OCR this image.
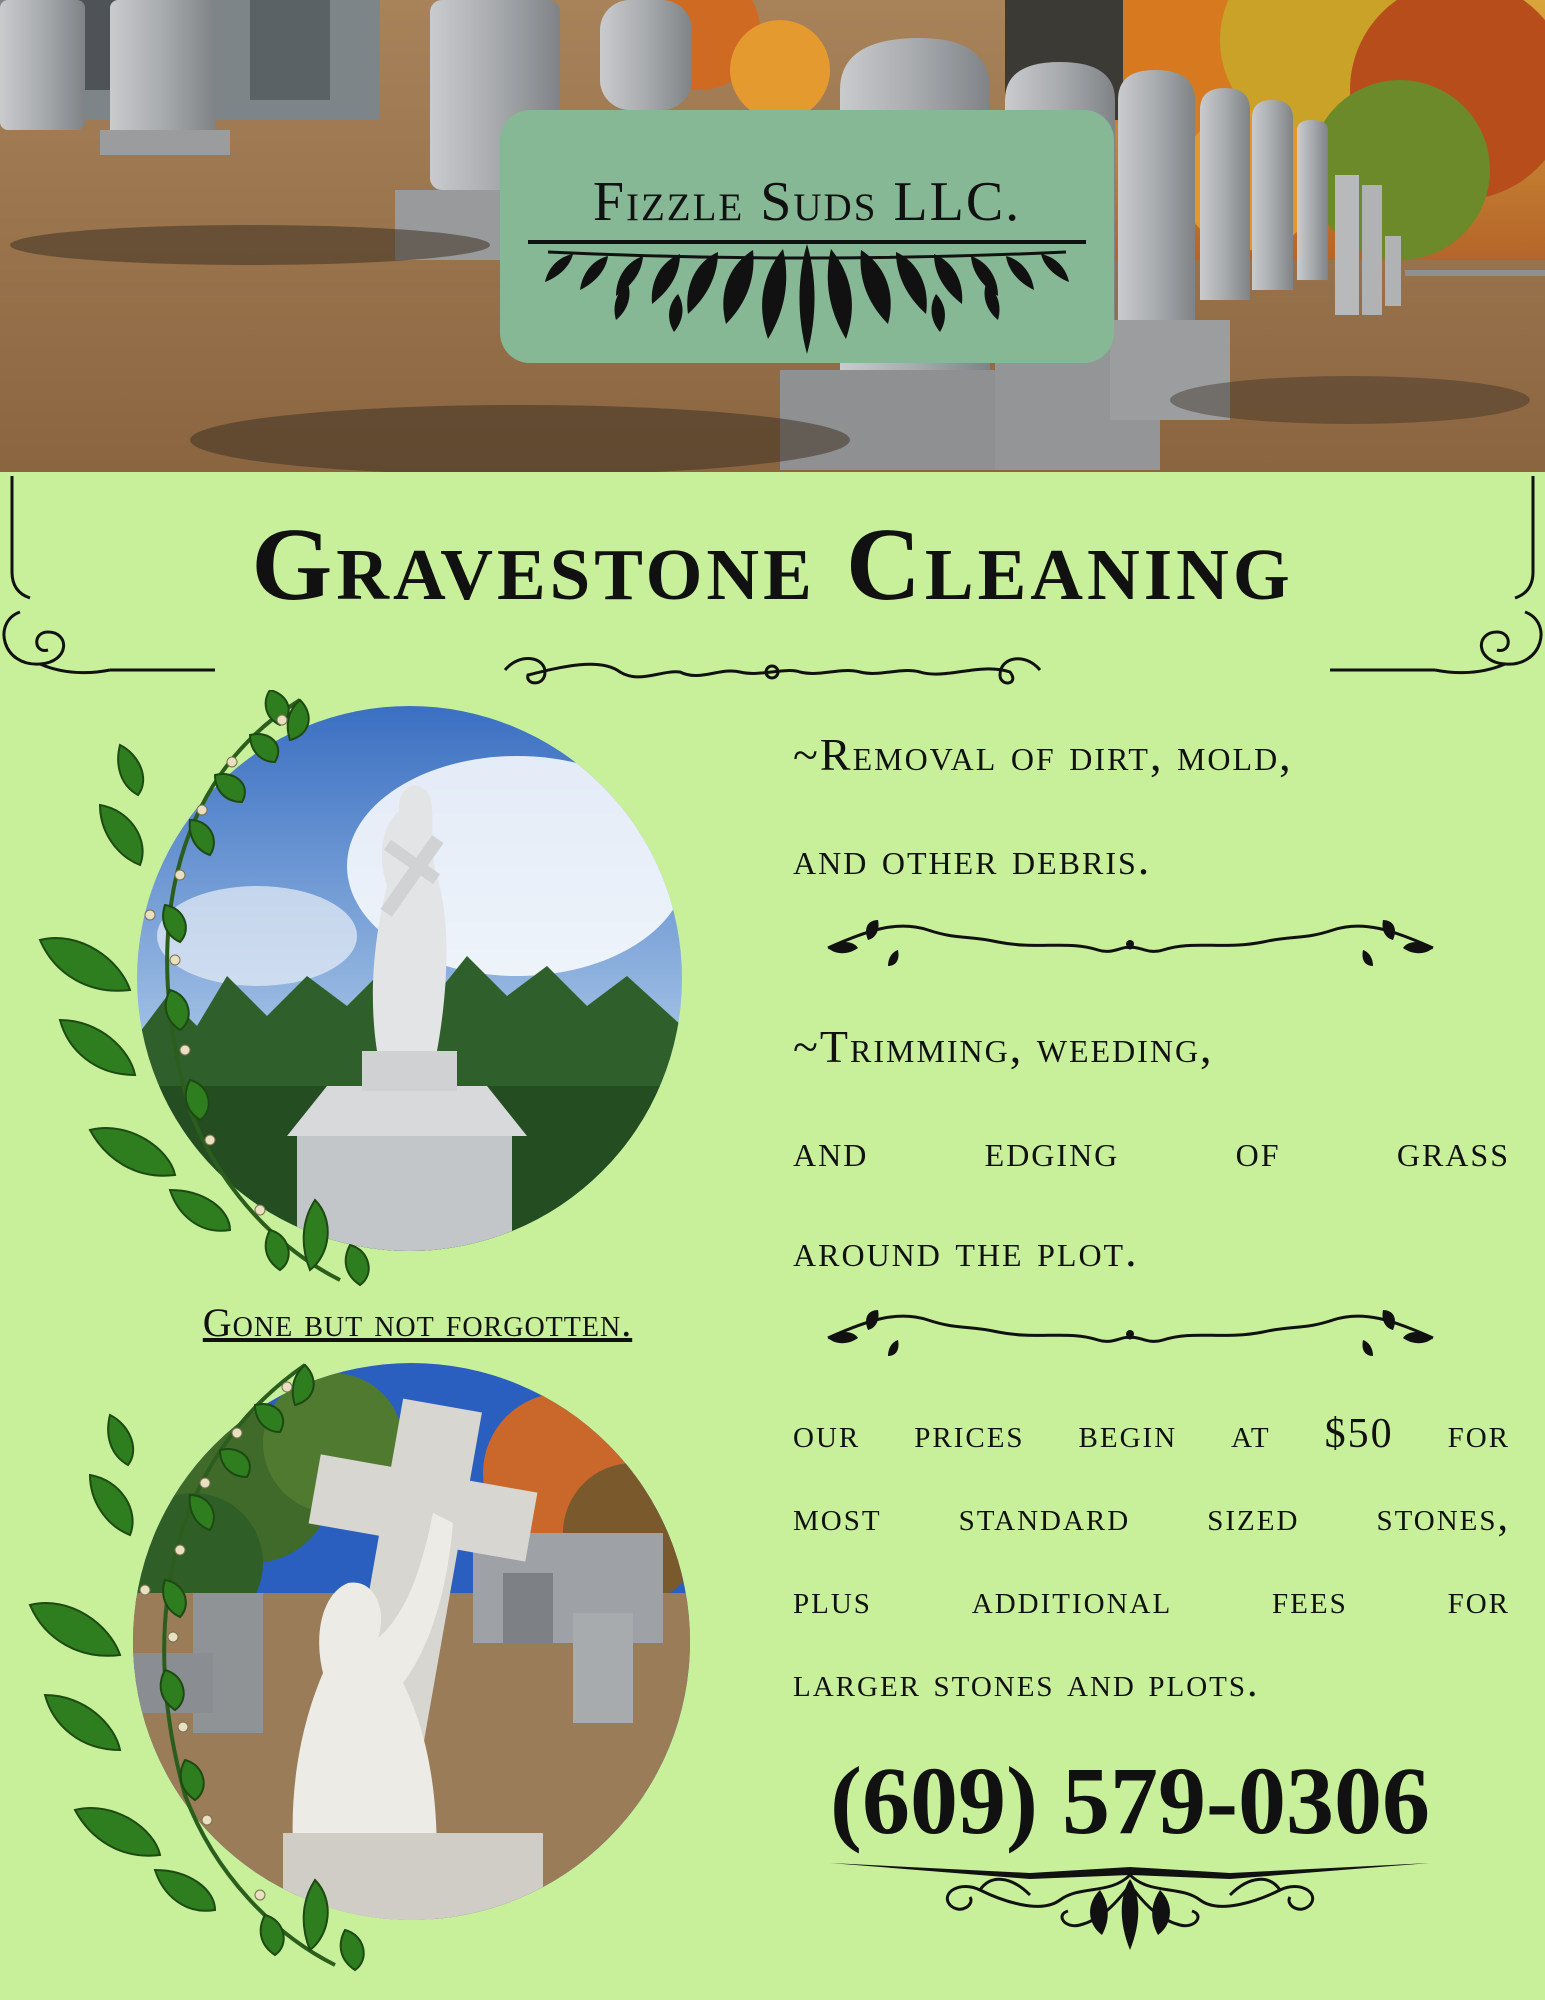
Fizzle Suds LLC.
Gravestone Cleaning
Gone but not forgotten.
~Removal of dirt, mold,
and other debris.
~Trimming, weeding,
and edging of grass
around the plot.
our prices begin at $50 for
most standard sized stones,
plus additional fees for
larger stones and plots.
(609) 579-0306
